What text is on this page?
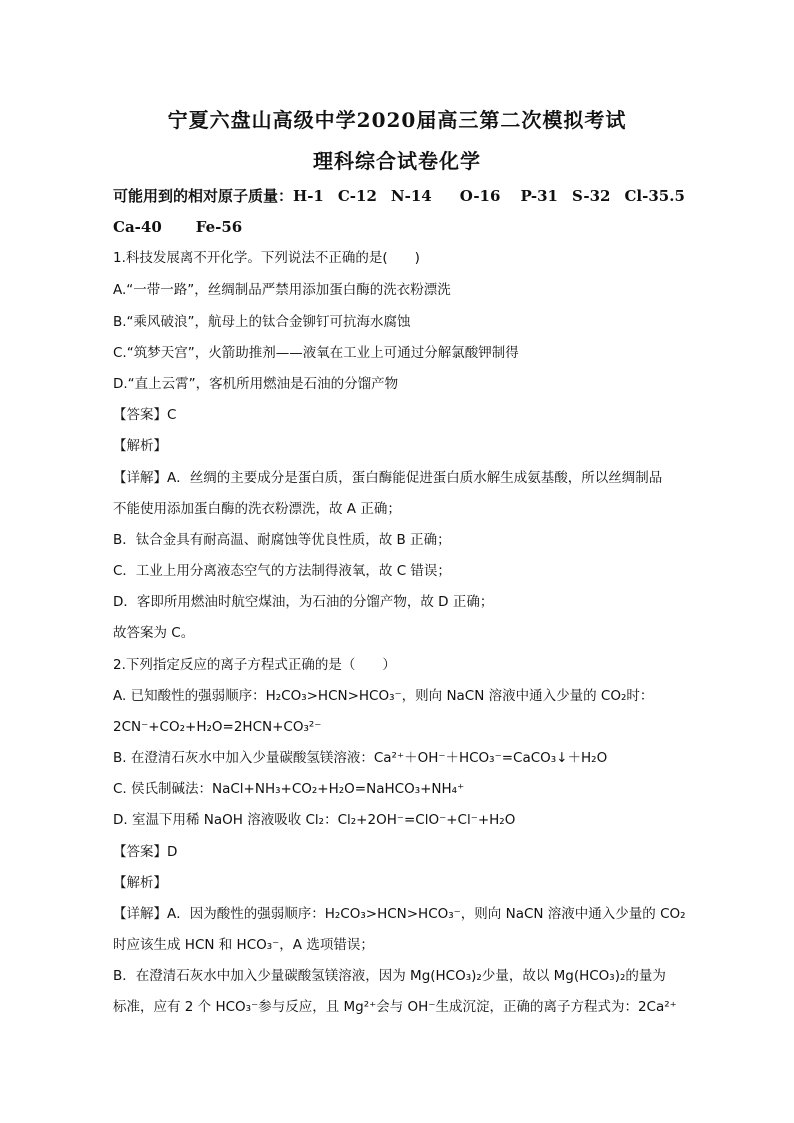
宁夏六盘山高级中学2020届高三第二次模拟考试
理科综合试卷化学
可能用到的相对原子质量：H-1 C-12 N-14 O-16 P-31 S-32 Cl-35.5
Ca-40 Fe-56
1.科技发展离不开化学。下列说法不正确的是(　　)
A.“一带一路”，丝绸制品严禁用添加蛋白酶的洗衣粉漂洗
B.“乘风破浪”，航母上的钛合金铆钉可抗海水腐蚀
C.“筑梦天宫”，火箭助推剂——液氧在工业上可通过分解氯酸钾制得
D.“直上云霄”，客机所用燃油是石油的分馏产物
【答案】C
【解析】
【详解】A．丝绸的主要成分是蛋白质，蛋白酶能促进蛋白质水解生成氨基酸，所以丝绸制品
不能使用添加蛋白酶的洗衣粉漂洗，故 A 正确；
B．钛合金具有耐高温、耐腐蚀等优良性质，故 B 正确；
C．工业上用分离液态空气的方法制得液氧，故 C 错误；
D．客即所用燃油时航空煤油，为石油的分馏产物，故 D 正确；
故答案为 C。
2.下列指定反应的离子方程式正确的是（　　）
A. 已知酸性的强弱顺序：H₂CO₃>HCN>HCO₃⁻，则向 NaCN 溶液中通入少量的 CO₂时：
2CN⁻+CO₂+H₂O=2HCN+CO₃²⁻
B. 在澄清石灰水中加入少量碳酸氢镁溶液：Ca²⁺＋OH⁻＋HCO₃⁻=CaCO₃↓＋H₂O
C. 侯氏制碱法：NaCl+NH₃+CO₂+H₂O=NaHCO₃+NH₄⁺
D. 室温下用稀 NaOH 溶液吸收 Cl₂：Cl₂+2OH⁻=ClO⁻+Cl⁻+H₂O
【答案】D
【解析】
【详解】A．因为酸性的强弱顺序：H₂CO₃>HCN>HCO₃⁻，则向 NaCN 溶液中通入少量的 CO₂
时应该生成 HCN 和 HCO₃⁻，A 选项错误；
B．在澄清石灰水中加入少量碳酸氢镁溶液，因为 Mg(HCO₃)₂少量，故以 Mg(HCO₃)₂的量为
标准，应有 2 个 HCO₃⁻参与反应，且 Mg²⁺会与 OH⁻生成沉淀，正确的离子方程式为：2Ca²⁺
